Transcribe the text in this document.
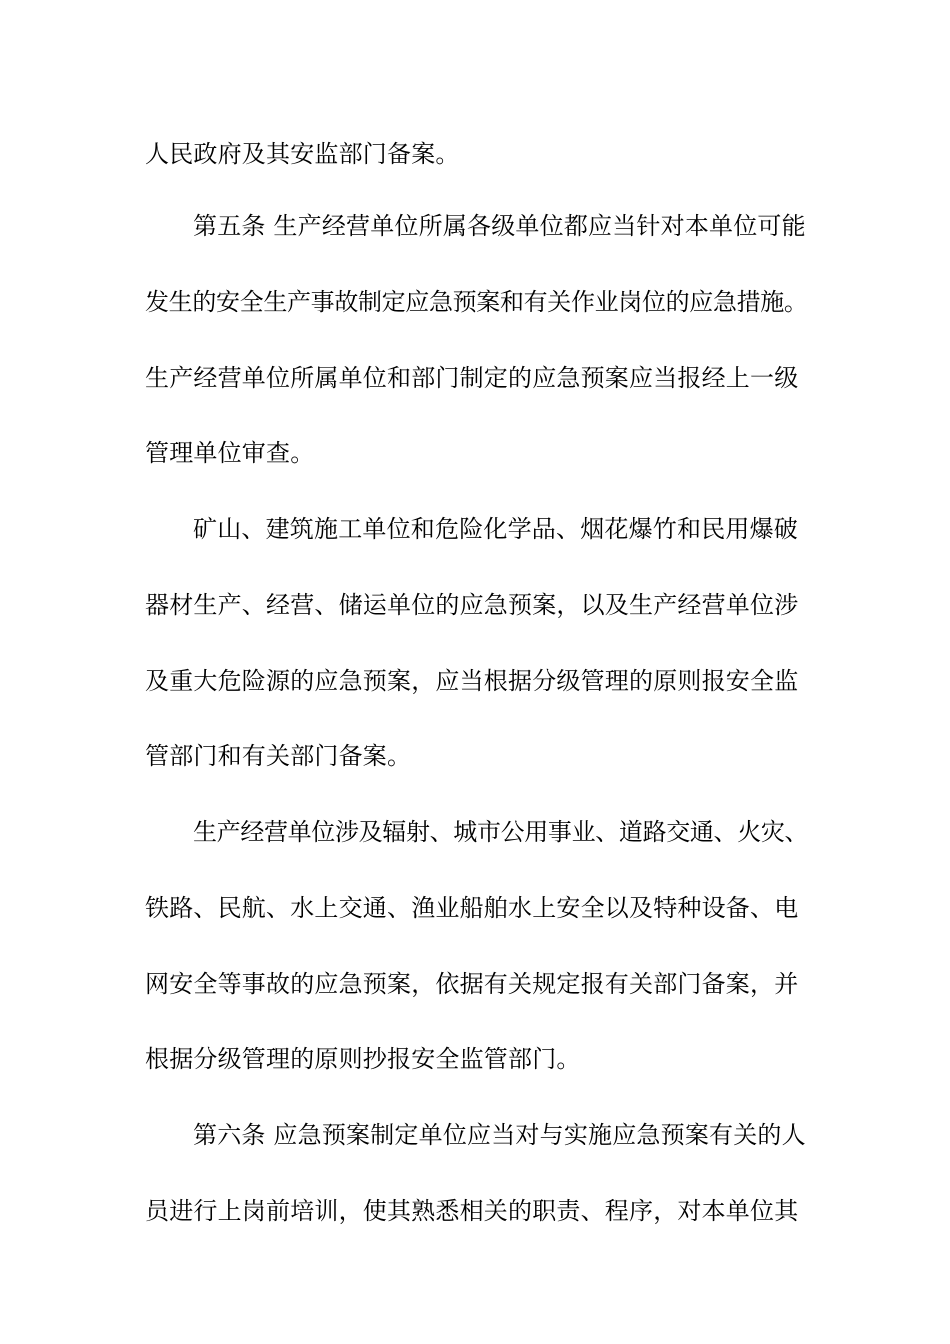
人民政府及其安监部门备案。

第五条 生产经营单位所属各级单位都应当针对本单位可能

发生的安全生产事故制定应急预案和有关作业岗位的应急措施。

生产经营单位所属单位和部门制定的应急预案应当报经上一级

管理单位审查。

矿山、建筑施工单位和危险化学品、烟花爆竹和民用爆破

器材生产、经营、储运单位的应急预案，以及生产经营单位涉

及重大危险源的应急预案，应当根据分级管理的原则报安全监

管部门和有关部门备案。

生产经营单位涉及辐射、城市公用事业、道路交通、火灾、

铁路、民航、水上交通、渔业船舶水上安全以及特种设备、电

网安全等事故的应急预案，依据有关规定报有关部门备案，并

根据分级管理的原则抄报安全监管部门。

第六条 应急预案制定单位应当对与实施应急预案有关的人

员进行上岗前培训，使其熟悉相关的职责、程序，对本单位其
